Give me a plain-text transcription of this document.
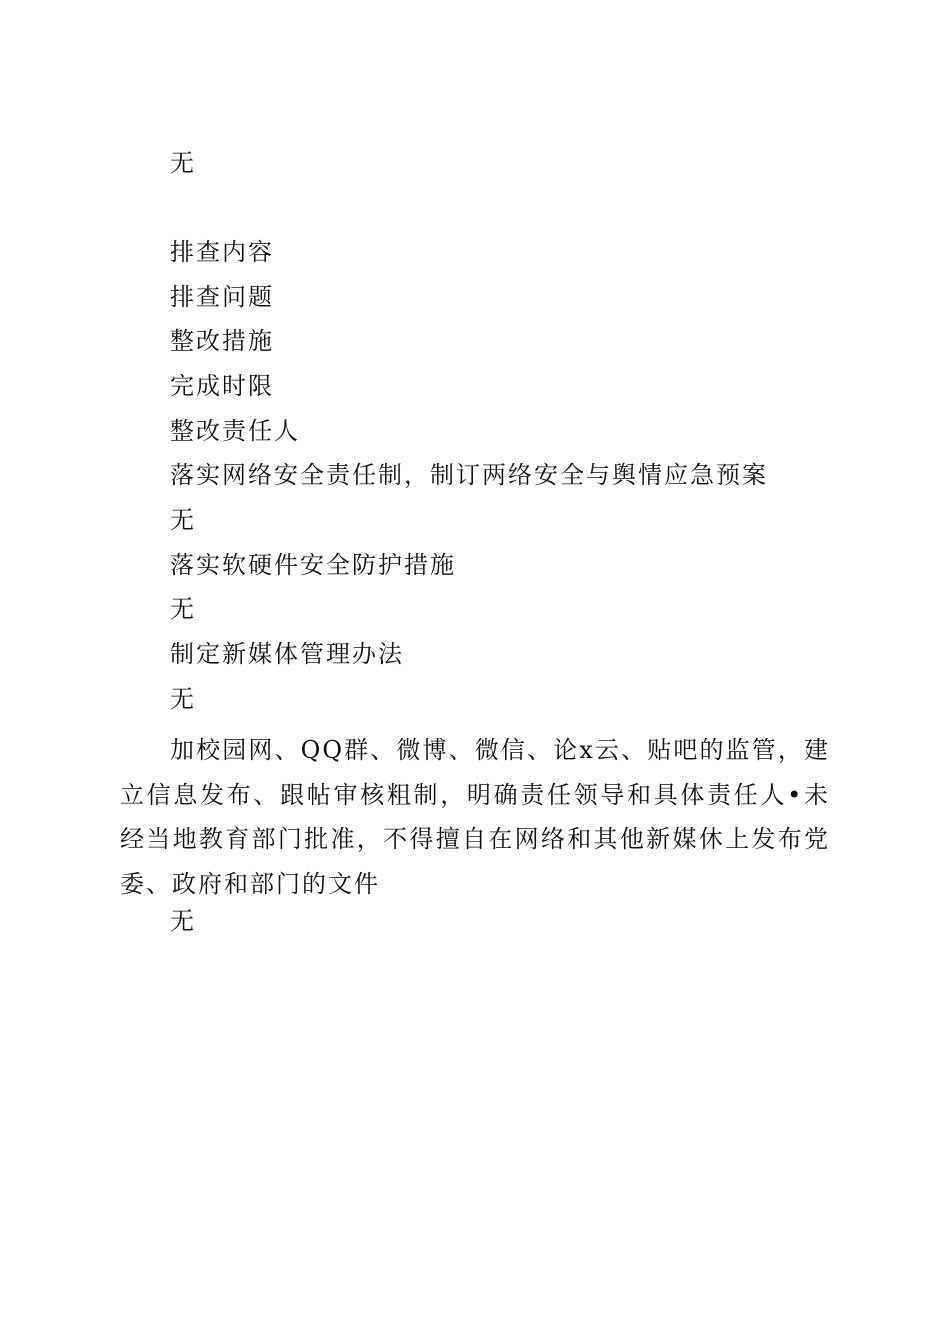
无
排查内容
排查问题
整改措施
完成时限
整改责任人
落实网络安全责任制，制订两络安全与舆情应急预案
无
落实软硬件安全防护措施
无
制定新媒体管理办法
无
加校园网、QQ群、微博、微信、论x云、贴吧的监管，建立信息发布、跟帖审核粗制，明确责任领导和具体责任人•未经当地教育部门批准，不得擅自在网络和其他新媒休上发布党委、政府和部门的文件
无
